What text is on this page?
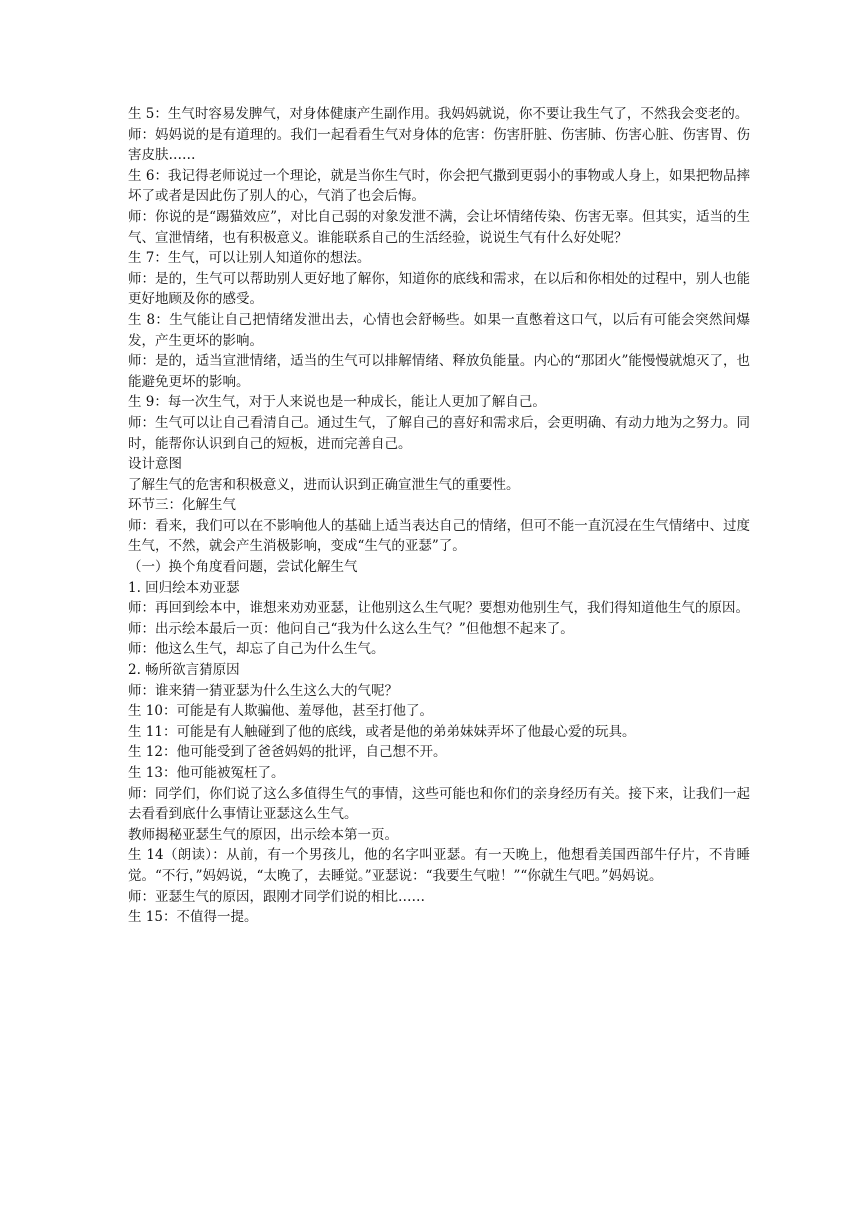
生 5：生气时容易发脾气，对身体健康产生副作用。我妈妈就说，你不要让我生气了，不然我会变老的。

师：妈妈说的是有道理的。我们一起看看生气对身体的危害：伤害肝脏、伤害肺、伤害心脏、伤害胃、伤害皮肤……

生 6：我记得老师说过一个理论，就是当你生气时，你会把气撒到更弱小的事物或人身上，如果把物品摔坏了或者是因此伤了别人的心，气消了也会后悔。

师：你说的是“踢猫效应”，对比自己弱的对象发泄不满，会让坏情绪传染、伤害无辜。但其实，适当的生气、宣泄情绪，也有积极意义。谁能联系自己的生活经验，说说生气有什么好处呢？

生 7：生气，可以让别人知道你的想法。

师：是的，生气可以帮助别人更好地了解你，知道你的底线和需求，在以后和你相处的过程中，别人也能更好地顾及你的感受。

生 8：生气能让自己把情绪发泄出去，心情也会舒畅些。如果一直憋着这口气，以后有可能会突然间爆发，产生更坏的影响。

师：是的，适当宣泄情绪，适当的生气可以排解情绪、释放负能量。内心的“那团火”能慢慢就熄灭了，也能避免更坏的影响。

生 9：每一次生气，对于人来说也是一种成长，能让人更加了解自己。

师：生气可以让自己看清自己。通过生气，了解自己的喜好和需求后，会更明确、有动力地为之努力。同时，能帮你认识到自己的短板，进而完善自己。

设计意图

了解生气的危害和积极意义，进而认识到正确宣泄生气的重要性。

环节三：化解生气

师：看来，我们可以在不影响他人的基础上适当表达自己的情绪，但可不能一直沉浸在生气情绪中、过度生气，不然，就会产生消极影响，变成“生气的亚瑟”了。

（一）换个角度看问题，尝试化解生气

1. 回归绘本劝亚瑟

师：再回到绘本中，谁想来劝劝亚瑟，让他别这么生气呢？要想劝他别生气，我们得知道他生气的原因。

师：出示绘本最后一页：他问自己“我为什么这么生气？”但他想不起来了。

师：他这么生气，却忘了自己为什么生气。

2. 畅所欲言猜原因

师：谁来猜一猜亚瑟为什么生这么大的气呢？

生 10：可能是有人欺骗他、羞辱他，甚至打他了。

生 11：可能是有人触碰到了他的底线，或者是他的弟弟妹妹弄坏了他最心爱的玩具。

生 12：他可能受到了爸爸妈妈的批评，自己想不开。

生 13：他可能被冤枉了。

师：同学们，你们说了这么多值得生气的事情，这些可能也和你们的亲身经历有关。接下来，让我们一起去看看到底什么事情让亚瑟这么生气。

教师揭秘亚瑟生气的原因，出示绘本第一页。

生 14（朗读）：从前，有一个男孩儿，他的名字叫亚瑟。有一天晚上，他想看美国西部牛仔片，不肯睡觉。“不行，”妈妈说，“太晚了，去睡觉。”亚瑟说：“我要生气啦！”“你就生气吧。”妈妈说。

师：亚瑟生气的原因，跟刚才同学们说的相比……

生 15：不值得一提。
